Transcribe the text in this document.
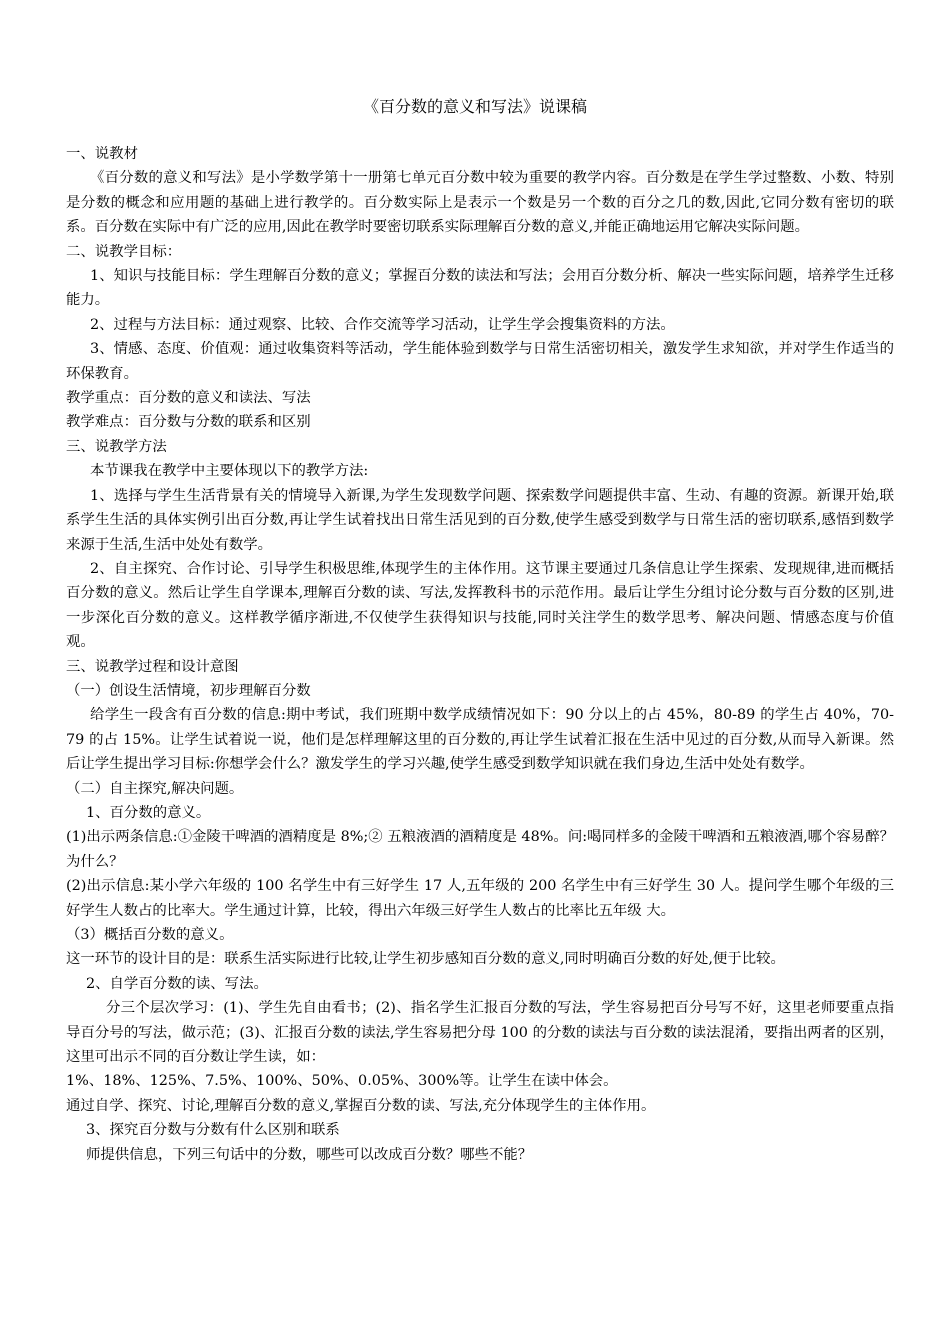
《百分数的意义和写法》说课稿

一、说教材

《百分数的意义和写法》是小学数学第十一册第七单元百分数中较为重要的教学内容。百分数是在学生学过整数、小数、特别是分数的概念和应用题的基础上进行教学的。百分数实际上是表示一个数是另一个数的百分之几的数,因此,它同分数有密切的联系。百分数在实际中有广泛的应用,因此在教学时要密切联系实际理解百分数的意义,并能正确地运用它解决实际问题。

二、说教学目标：

1、知识与技能目标：学生理解百分数的意义；掌握百分数的读法和写法；会用百分数分析、解决一些实际问题，培养学生迁移能力。

2、过程与方法目标：通过观察、比较、合作交流等学习活动，让学生学会搜集资料的方法。

3、情感、态度、价值观：通过收集资料等活动，学生能体验到数学与日常生活密切相关，激发学生求知欲，并对学生作适当的环保教育。

教学重点：百分数的意义和读法、写法

教学难点：百分数与分数的联系和区别

三、说教学方法

本节课我在教学中主要体现以下的教学方法:

1、选择与学生生活背景有关的情境导入新课,为学生发现数学问题、探索数学问题提供丰富、生动、有趣的资源。新课开始,联系学生生活的具体实例引出百分数,再让学生试着找出日常生活见到的百分数,使学生感受到数学与日常生活的密切联系,感悟到数学来源于生活,生活中处处有数学。

2、自主探究、合作讨论、引导学生积极思维,体现学生的主体作用。这节课主要通过几条信息让学生探索、发现规律,进而概括百分数的意义。然后让学生自学课本,理解百分数的读、写法,发挥教科书的示范作用。最后让学生分组讨论分数与百分数的区别,进一步深化百分数的意义。这样教学循序渐进,不仅使学生获得知识与技能,同时关注学生的数学思考、解决问题、情感态度与价值观。

三、说教学过程和设计意图

（一）创设生活情境，初步理解百分数

给学生一段含有百分数的信息:期中考试，我们班期中数学成绩情况如下：90 分以上的占 45%，80-89 的学生占 40%，70-79 的占 15%。让学生试着说一说，他们是怎样理解这里的百分数的,再让学生试着汇报在生活中见过的百分数,从而导入新课。然后让学生提出学习目标:你想学会什么？激发学生的学习兴趣,使学生感受到数学知识就在我们身边,生活中处处有数学。

（二）自主探究,解决问题。

1、百分数的意义。

(1)出示两条信息:①金陵干啤酒的酒精度是 8%;② 五粮液酒的酒精度是 48%。问:喝同样多的金陵干啤酒和五粮液酒,哪个容易醉？为什么？

(2)出示信息:某小学六年级的 100 名学生中有三好学生 17 人,五年级的 200 名学生中有三好学生 30 人。提问学生哪个年级的三好学生人数占的比率大。学生通过计算，比较，得出六年级三好学生人数占的比率比五年级 大。

（3）概括百分数的意义。

这一环节的设计目的是：联系生活实际进行比较,让学生初步感知百分数的意义,同时明确百分数的好处,便于比较。

2、自学百分数的读、写法。

分三个层次学习：(1)、学生先自由看书；(2)、指名学生汇报百分数的写法，学生容易把百分号写不好，这里老师要重点指导百分号的写法，做示范；(3)、汇报百分数的读法,学生容易把分母 100 的分数的读法与百分数的读法混淆，要指出两者的区别，这里可出示不同的百分数让学生读，如：

1%、18%、125%、7.5%、100%、50%、0.05%、300%等。让学生在读中体会。

通过自学、探究、讨论,理解百分数的意义,掌握百分数的读、写法,充分体现学生的主体作用。

3、探究百分数与分数有什么区别和联系

师提供信息，下列三句话中的分数，哪些可以改成百分数？哪些不能？
